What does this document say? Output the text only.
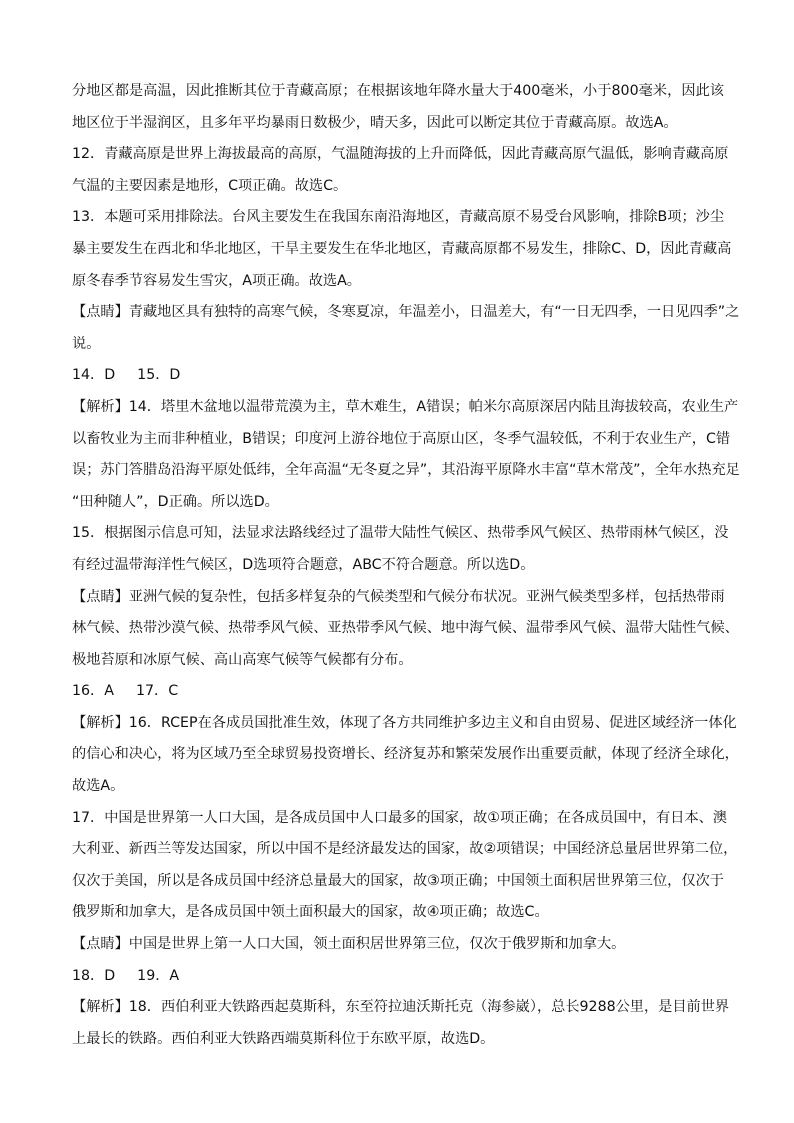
分地区都是高温，因此推断其位于青藏高原；在根据该地年降水量大于400毫米，小于800毫米，因此该
地区位于半湿润区，且多年平均暴雨日数极少，晴天多，因此可以断定其位于青藏高原。故选A。
12．青藏高原是世界上海拔最高的高原，气温随海拔的上升而降低，因此青藏高原气温低，影响青藏高原
气温的主要因素是地形，C项正确。故选C。
13．本题可采用排除法。台风主要发生在我国东南沿海地区，青藏高原不易受台风影响，排除B项；沙尘
暴主要发生在西北和华北地区，干旱主要发生在华北地区，青藏高原都不易发生，排除C、D，因此青藏高
原冬春季节容易发生雪灾，A项正确。故选A。
【点睛】青藏地区具有独特的高寒气候，冬寒夏凉，年温差小，日温差大，有“一日无四季，一日见四季”之
说。
14．D 15．D
【解析】14．塔里木盆地以温带荒漠为主，草木难生，A错误；帕米尔高原深居内陆且海拔较高，农业生产
以畜牧业为主而非种植业，B错误；印度河上游谷地位于高原山区，冬季气温较低，不利于农业生产，C错
误；苏门答腊岛沿海平原处低纬，全年高温“无冬夏之异”，其沿海平原降水丰富“草木常茂”，全年水热充足
“田种随人”，D正确。所以选D。
15．根据图示信息可知，法显求法路线经过了温带大陆性气候区、热带季风气候区、热带雨林气候区，没
有经过温带海洋性气候区，D选项符合题意，ABC不符合题意。所以选D。
【点睛】亚洲气候的复杂性，包括多样复杂的气候类型和气候分布状况。亚洲气候类型多样，包括热带雨
林气候、热带沙漠气候、热带季风气候、亚热带季风气候、地中海气候、温带季风气候、温带大陆性气候、
极地苔原和冰原气候、高山高寒气候等气候都有分布。
16．A 17．C
【解析】16．RCEP在各成员国批准生效，体现了各方共同维护多边主义和自由贸易、促进区域经济一体化
的信心和决心，将为区域乃至全球贸易投资增长、经济复苏和繁荣发展作出重要贡献，体现了经济全球化，
故选A。
17．中国是世界第一人口大国，是各成员国中人口最多的国家，故①项正确；在各成员国中，有日本、澳
大利亚、新西兰等发达国家，所以中国不是经济最发达的国家，故②项错误；中国经济总量居世界第二位，
仅次于美国，所以是各成员国中经济总量最大的国家，故③项正确；中国领土面积居世界第三位，仅次于
俄罗斯和加拿大，是各成员国中领土面积最大的国家，故④项正确；故选C。
【点睛】中国是世界上第一人口大国，领土面积居世界第三位，仅次于俄罗斯和加拿大。
18．D 19．A
【解析】18．西伯利亚大铁路西起莫斯科，东至符拉迪沃斯托克（海参崴），总长9288公里，是目前世界
上最长的铁路。西伯利亚大铁路西端莫斯科位于东欧平原，故选D。
